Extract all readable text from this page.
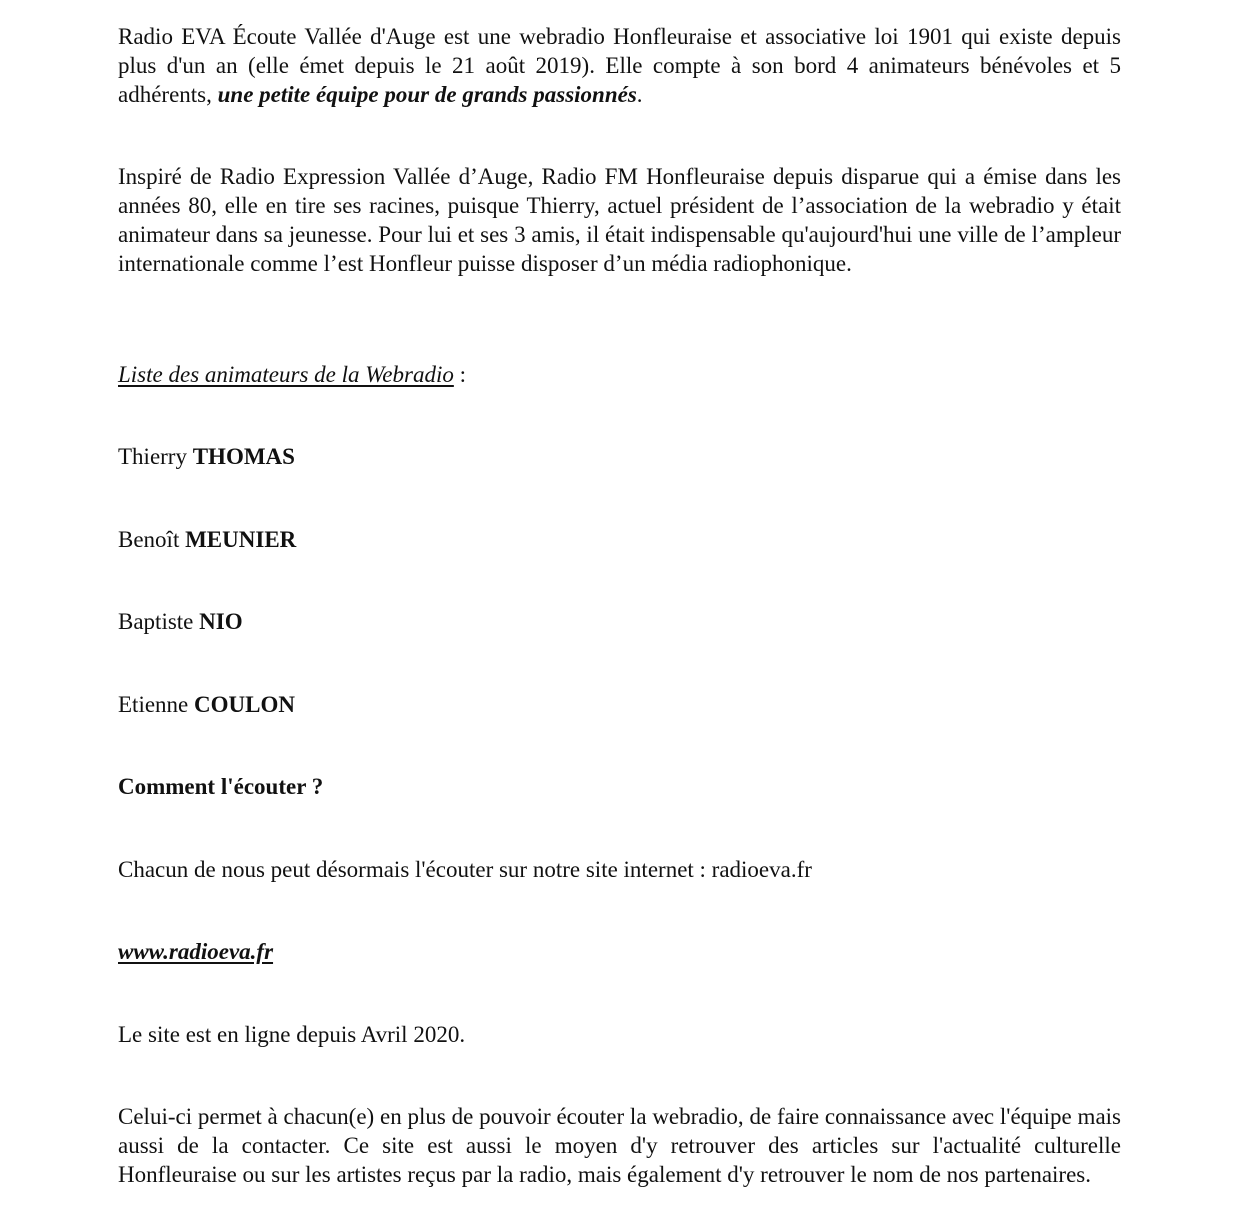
Radio EVA Écoute Vallée d'Auge est une webradio Honfleuraise et associative loi 1901 qui existe depuis plus d'un an (elle émet depuis le 21 août 2019). Elle compte à son bord 4 animateurs bénévoles et 5 adhérents, une petite équipe pour de grands passionnés.

Inspiré de Radio Expression Vallée d’Auge, Radio FM Honfleuraise depuis disparue qui a émise dans les années 80, elle en tire ses racines, puisque Thierry, actuel président de l’association de la webradio y était animateur dans sa jeunesse. Pour lui et ses 3 amis, il était indispensable qu'aujourd'hui une ville de l’ampleur internationale comme l’est Honfleur puisse disposer d’un média radiophonique.

Liste des animateurs de la Webradio :

Thierry THOMAS

Benoît MEUNIER

Baptiste NIO

Etienne COULON

Comment l'écouter ?

Chacun de nous peut désormais l'écouter sur notre site internet : radioeva.fr

www.radioeva.fr

Le site est en ligne depuis Avril 2020.

Celui-ci permet à chacun(e) en plus de pouvoir écouter la webradio, de faire connaissance avec l'équipe mais aussi de la contacter. Ce site est aussi le moyen d'y retrouver des articles sur l'actualité culturelle Honfleuraise ou sur les artistes reçus par la radio, mais également d'y retrouver le nom de nos partenaires.
